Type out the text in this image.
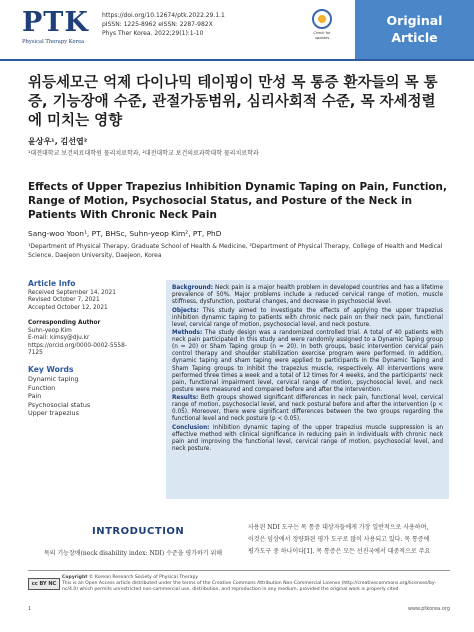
PTK
Physical Therapy Korea
https://doi.org/10.12674/ptk.2022.29.1.1
pISSN: 1225-8962 eISSN: 2287-982X
Phys Ther Korea. 2022;29(1):1-10	Check for
updates
Original
Article
위등세모근 억제 다이나믹 테이핑이 만성 목 통증 환자들의 목 통증, 기능장애 수준, 관절가동범위, 심리사회적 수준, 목 자세정렬에 미치는 영향
윤상우¹, 김선엽²
¹대전대학교 보건의료대학원 물리치료학과, ²대전대학교 보건의료과학대학 물리치료학과
Effects of Upper Trapezius Inhibition Dynamic Taping on Pain, Function, Range of Motion, Psychosocial Status, and Posture of the Neck in Patients With Chronic Neck Pain
Sang-woo Yoon¹, PT, BHSc, Suhn-yeop Kim², PT, PhD
¹Department of Physical Therapy, Graduate School of Health & Medicine, ²Department of Physical Therapy, College of Health and Medical Science, Daejeon University, Daejeon, Korea
Article Info
Received September 14, 2021
Revised October 7, 2021
Accepted October 12, 2021
Corresponding Author
Suhn-yeop Kim
E-mail: kimsy@dju.kr
https://orcid.org/0000-0002-5558-7125
Key Words
Dynamic taping
Function
Pain
Psychosocial status
Upper trapezius
Background: Neck pain is a major health problem in developed countries and has a lifetime prevalence of 50%. Major problems include a reduced cervical range of motion, muscle stiffness, dysfunction, postural changes, and decrease in psychosocial level.
Objects: This study aimed to investigate the effects of applying the upper trapezius inhibition dynamic taping to patients with chronic neck pain on their neck pain, functional level, cervical range of motion, psychosocial level, and neck posture.
Methods: The study design was a randomized controlled trial. A total of 40 patients with neck pain participated in this study and were randomly assigned to a Dynamic Taping group (n = 20) or Sham Taping group (n = 20). In both groups, basic intervention cervical pain control therapy and shoulder stabilization exercise program were performed. In addition, dynamic taping and sham taping were applied to participants in the Dynamic Taping and Sham Taping groups to inhibit the trapezius muscle, respectively. All interventions were performed three times a week and a total of 12 times for 4 weeks, and the participants' neck pain, functional impairment level, cervical range of motion, psychosocial level, and neck posture were measured and compared before and after the intervention.
Results: Both groups showed significant differences in neck pain, functional level, cervical range of motion, psychosocial level, and neck postural before and after the intervention (p < 0.05). Moreover, there were significant differences between the two groups regarding the functional level and neck posture (p < 0.05).
Conclusion: Inhibition dynamic taping of the upper trapezius muscle suppression is an effective method with clinical significance in reducing pain in individuals with chronic neck pain and improving the functional level, cervical range of motion, psychosocial level, and neck posture.
INTRODUCTION
목의 기능장애(neck disability index: NDI) 수준을 평가하기 위해
사용된 NDI 도구는 목 통증 대상자들에게 가장 일반적으로 사용하며,
이것은 임상에서 정량화된 평가 도구로 많이 사용되고 있다. 목 통증에
평가도구 중 하나이다[1]. 목 통증은 모든 선진국에서 대중적으로 주요
cc BY NC
Copyright © Korean Research Society of Physical Therapy
This is an Open Access article distributed under the terms of the Creative Commons Attribution Non-Commercial License (http://creativecommons.org/licenses/by-nc/4.0) which permits unrestricted non-commercial use, distribution, and reproduction in any medium, provided the original work is properly cited.
1	www.ptkorea.org
